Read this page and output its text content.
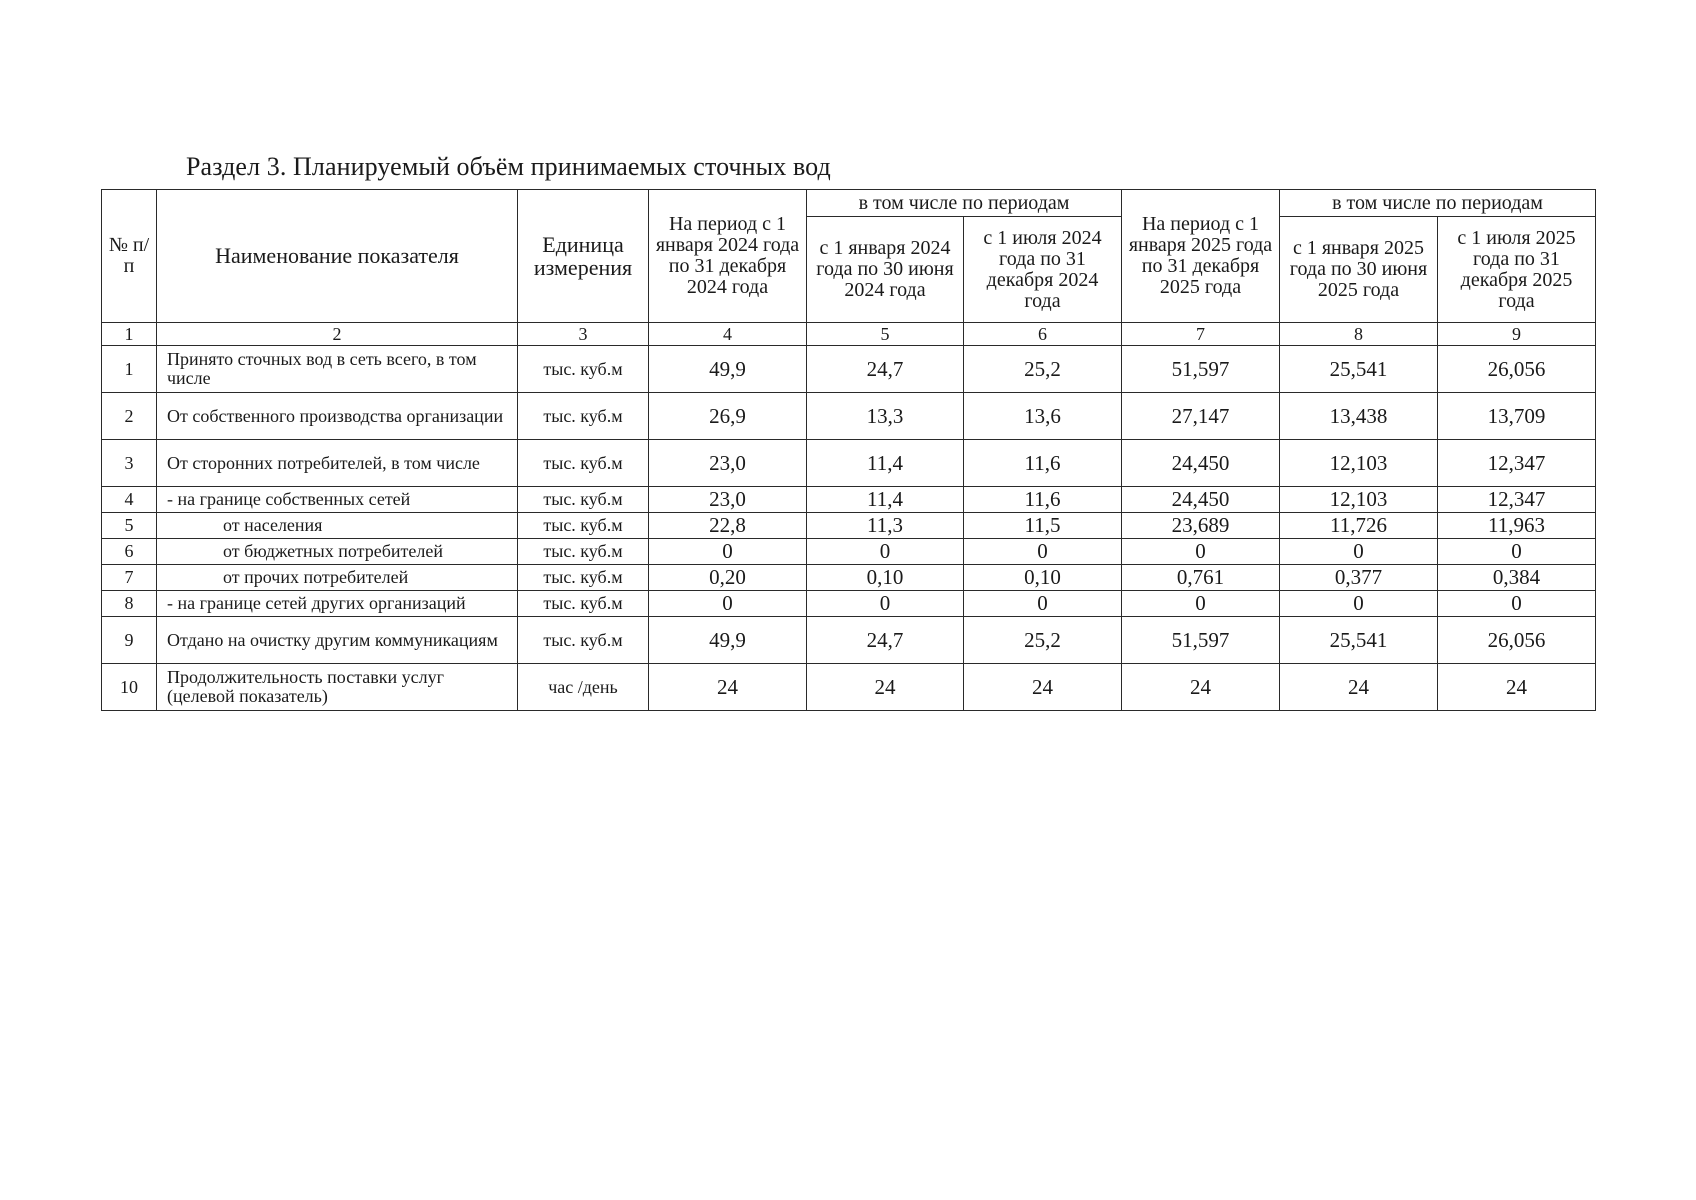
Раздел 3. Планируемый объём принимаемых сточных вод
№ п/п	Наименование показателя	Единица измерения	На период с 1 января 2024 года по 31 декабря 2024 года	в том числе по периодам		На период с 1 января 2025 года по 31 декабря 2025 года	в том числе по периодам	
				с 1 января 2024 года по 30 июня 2024 года	с 1 июля 2024 года по 31 декабря 2024 года		с 1 января 2025 года по 30 июня 2025 года	с 1 июля 2025 года по 31 декабря 2025 года
1	2	3	4	5	6	7	8	9
1	Принято сточных вод в сеть всего, в том числе	тыс. куб.м	49,9	24,7	25,2	51,597	25,541	26,056
2	От собственного производства организации	тыс. куб.м	26,9	13,3	13,6	27,147	13,438	13,709
3	От сторонних потребителей, в том числе	тыс. куб.м	23,0	11,4	11,6	24,450	12,103	12,347
4	- на границе собственных сетей	тыс. куб.м	23,0	11,4	11,6	24,450	12,103	12,347
5	от населения	тыс. куб.м	22,8	11,3	11,5	23,689	11,726	11,963
6	от бюджетных потребителей	тыс. куб.м	0	0	0	0	0	0
7	от прочих потребителей	тыс. куб.м	0,20	0,10	0,10	0,761	0,377	0,384
8	- на границе сетей других организаций	тыс. куб.м	0	0	0	0	0	0
9	Отдано на очистку другим коммуникациям	тыс. куб.м	49,9	24,7	25,2	51,597	25,541	26,056
10	Продолжительность поставки услуг (целевой показатель)	час /день	24	24	24	24	24	24
